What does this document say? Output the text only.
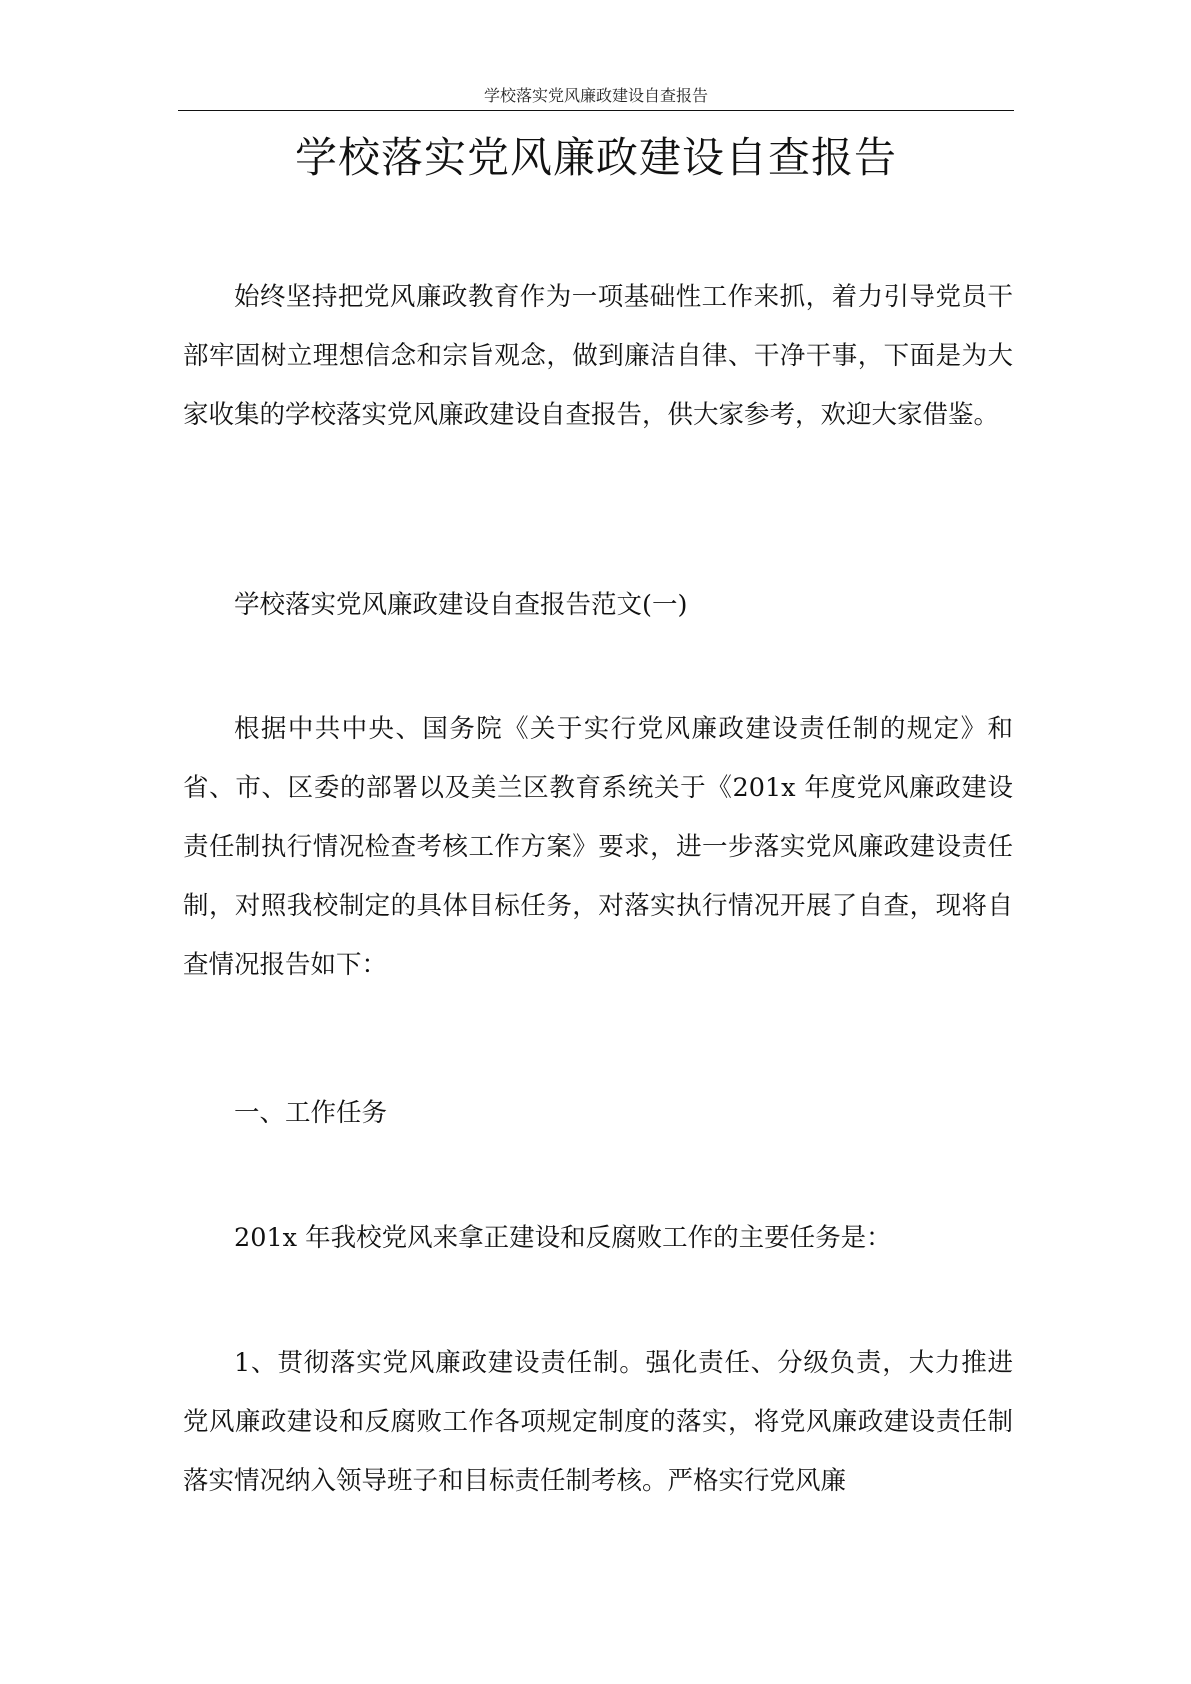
学校落实党风廉政建设自查报告
学校落实党风廉政建设自查报告

始终坚持把党风廉政教育作为一项基础性工作来抓，着力引导党员干部牢固树立理想信念和宗旨观念，做到廉洁自律、干净干事，下面是为大家收集的学校落实党风廉政建设自查报告，供大家参考，欢迎大家借鉴。

学校落实党风廉政建设自查报告范文(一)

根据中共中央、国务院《关于实行党风廉政建设责任制的规定》和省、市、区委的部署以及美兰区教育系统关于《201x 年度党风廉政建设责任制执行情况检查考核工作方案》要求，进一步落实党风廉政建设责任制，对照我校制定的具体目标任务，对落实执行情况开展了自查，现将自查情况报告如下：

一、工作任务

201x 年我校党风来拿正建设和反腐败工作的主要任务是：

1、贯彻落实党风廉政建设责任制。强化责任、分级负责，大力推进党风廉政建设和反腐败工作各项规定制度的落实，将党风廉政建设责任制落实情况纳入领导班子和目标责任制考核。严格实行党风廉
